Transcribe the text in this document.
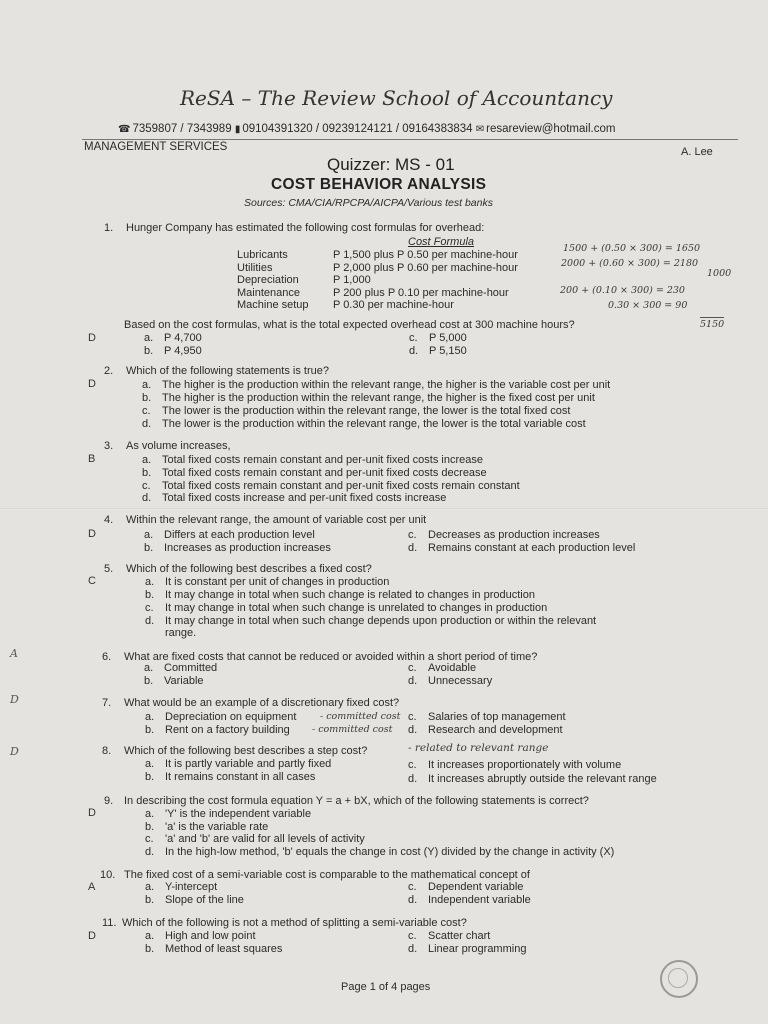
ReSA – The Review School of Accountancy
☎ 7359807 / 7343989 ▮ 09104391320 / 09239124121 / 09164383834 ✉ resareview@hotmail.com
MANAGEMENT SERVICES	A. Lee
Quizzer: MS - 01
COST BEHAVIOR ANALYSIS
Sources: CMA/CIA/RPCPA/AICPA/Various test banks
1. Hunger Company has estimated the following cost formulas for overhead:
Cost Formula
Lubricants	P 1,500 plus P 0.50 per machine-hour
Utilities	P 2,000 plus P 0.60 per machine-hour
Depreciation	P 1,000
Maintenance	P 200 plus P 0.10 per machine-hour
Machine setup P 0.30 per machine-hour
1500 + (0.50 × 300) = 1650
2000 + (0.60 × 300) = 2180
1000
200 + (0.10 × 300) = 230
0.30 × 300 = 90
5150
Based on the cost formulas, what is the total expected overhead cost at 300 machine hours?
D	a. P 4,700
b. P 4,950
c. P 5,000
d. P 5,150
2.
D
Which of the following statements is true?
a. The higher is the production within the relevant range, the higher is the variable cost per unit
b. The higher is the production within the relevant range, the higher is the fixed cost per unit
c. The lower is the production within the relevant range, the lower is the total fixed cost
d. The lower is the production within the relevant range, the lower is the total variable cost
3.
B
As volume increases,
a. Total fixed costs remain constant and per-unit fixed costs increase
b. Total fixed costs remain constant and per-unit fixed costs decrease
c. Total fixed costs remain constant and per-unit fixed costs remain constant
d. Total fixed costs increase and per-unit fixed costs increase
4.
D
Within the relevant range, the amount of variable cost per unit
a. Differs at each production level
b. Increases as production increases
c. Decreases as production increases
d. Remains constant at each production level
5.
C
Which of the following best describes a fixed cost?
a. It is constant per unit of changes in production
b. It may change in total when such change is related to changes in production
c. It may change in total when such change is unrelated to changes in production
d. It may change in total when such change depends upon production or within the relevant
range.
A	6. What are fixed costs that cannot be reduced or avoided within a short period of time?
a. Committed
b. Variable
c. Avoidable
d. Unnecessary
D	7. What would be an example of a discretionary fixed cost?
a. Depreciation on equipment - committed cost
b. Rent on a factory building - committed cost
c. Salaries of top management
d. Research and development
D	8. Which of the following best describes a step cost?	- related to relevant range
a. It is partly variable and partly fixed
b. It remains constant in all cases
c. It increases proportionately with volume
d. It increases abruptly outside the relevant range
9.
D
In describing the cost formula equation Y = a + bX, which of the following statements is correct?
a. 'Y' is the independent variable
b. 'a' is the variable rate
c. 'a' and 'b' are valid for all levels of activity
d. In the high-low method, 'b' equals the change in cost (Y) divided by the change in activity (X)
10.
A
The fixed cost of a semi-variable cost is comparable to the mathematical concept of
a. Y-intercept
b. Slope of the line
c. Dependent variable
d. Independent variable
11.
D
Which of the following is not a method of splitting a semi-variable cost?
a. High and low point
b. Method of least squares
c. Scatter chart
d. Linear programming
Page 1 of 4 pages
